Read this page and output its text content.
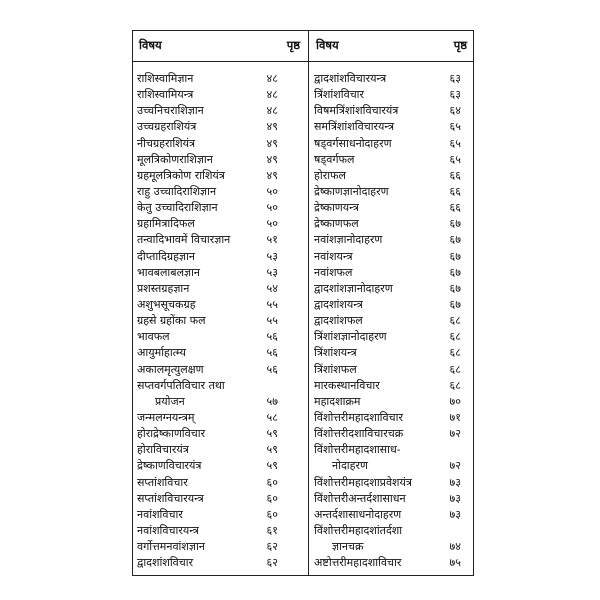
विषय	पृष्ठ
राशिस्वामिज्ञान	४८
राशिस्वामियन्त्र	४८
उच्चनिचराशिज्ञान	४८
उच्चग्रहराशियंत्र	४९
नीचग्रहराशियंत्र	४९
मूलत्रिकोणराशिज्ञान	४९
ग्रहमूलत्रिकोण राशियंत्र	४९
राहु उच्चादिराशिज्ञान	५०
केतु उच्चादिराशिज्ञान	५०
ग्रहामित्रादिफल	५०
तन्वादिभावमें विचारज्ञान	५१
दीप्तादिग्रहज्ञान	५३
भावबलाबलज्ञान	५३
प्रशस्तग्रहज्ञान	५४
अशुभसूचकग्रह	५५
ग्रहसे ग्रहोंका फल	५५
भावफल	५६
आयुर्माहात्म्य	५६
अकालमृत्युलक्षण	५६
सप्तवर्गपतिविचार तथा
प्रयोजन	५७
जन्मलग्नयन्त्रम्	५८
होराद्रेष्काणविचार	५९
होराविचारयंत्र	५९
द्रेष्काणविचारयंत्र	५९
सप्तांशविचार	६०
सप्तांशविचारयन्त्र	६०
नवांशविचार	६०
नवांशविचारयन्त्र	६१
वर्गोत्तमनवांशज्ञान	६२
द्वादशांशविचार	६२
विषय	पृष्ठ
द्वादशांशविचारयन्त्र	६३
त्रिंशांशविचार	६३
विषमत्रिंशांशविचारयंत्र	६४
समत्रिंशांशविचारयन्त्र	६५
षड्वर्गसाधनोदाहरण	६५
षड्वर्गफल	६५
होराफल	६६
द्रेष्काणज्ञानोदाहरण	६६
द्रेष्काणयन्त्र	६६
द्रेष्काणफल	६७
नवांशज्ञानोदाहरण	६७
नवांशयन्त्र	६७
नवांशफल	६७
द्वादशांशज्ञानोदाहरण	६७
द्वादशांशयन्त्र	६७
द्वादशांशफल	६८
त्रिंशांशज्ञानोदाहरण	६८
त्रिंशांशयन्त्र	६८
त्रिंशांशफल	६८
मारकस्थानविचार	६८
महादशाक्रम	७०
विंशोत्तरीमहादशाविचार	७१
विंशोत्तरीदशाविचारचक्र	७२
विंशोत्तरीमहादशासाध-
नोदाहरण	७२
विंशोत्तरीमहादशाप्रवेशयंत्र	७३
विंशोत्तरीअन्तर्दशासाधन	७३
अन्तर्दशासाधनोदाहरण	७३
विंशोत्तरीमहादशांतर्दशा
ज्ञानचक्र	७४
अष्टोत्तरीमहादशाविचार	७५
